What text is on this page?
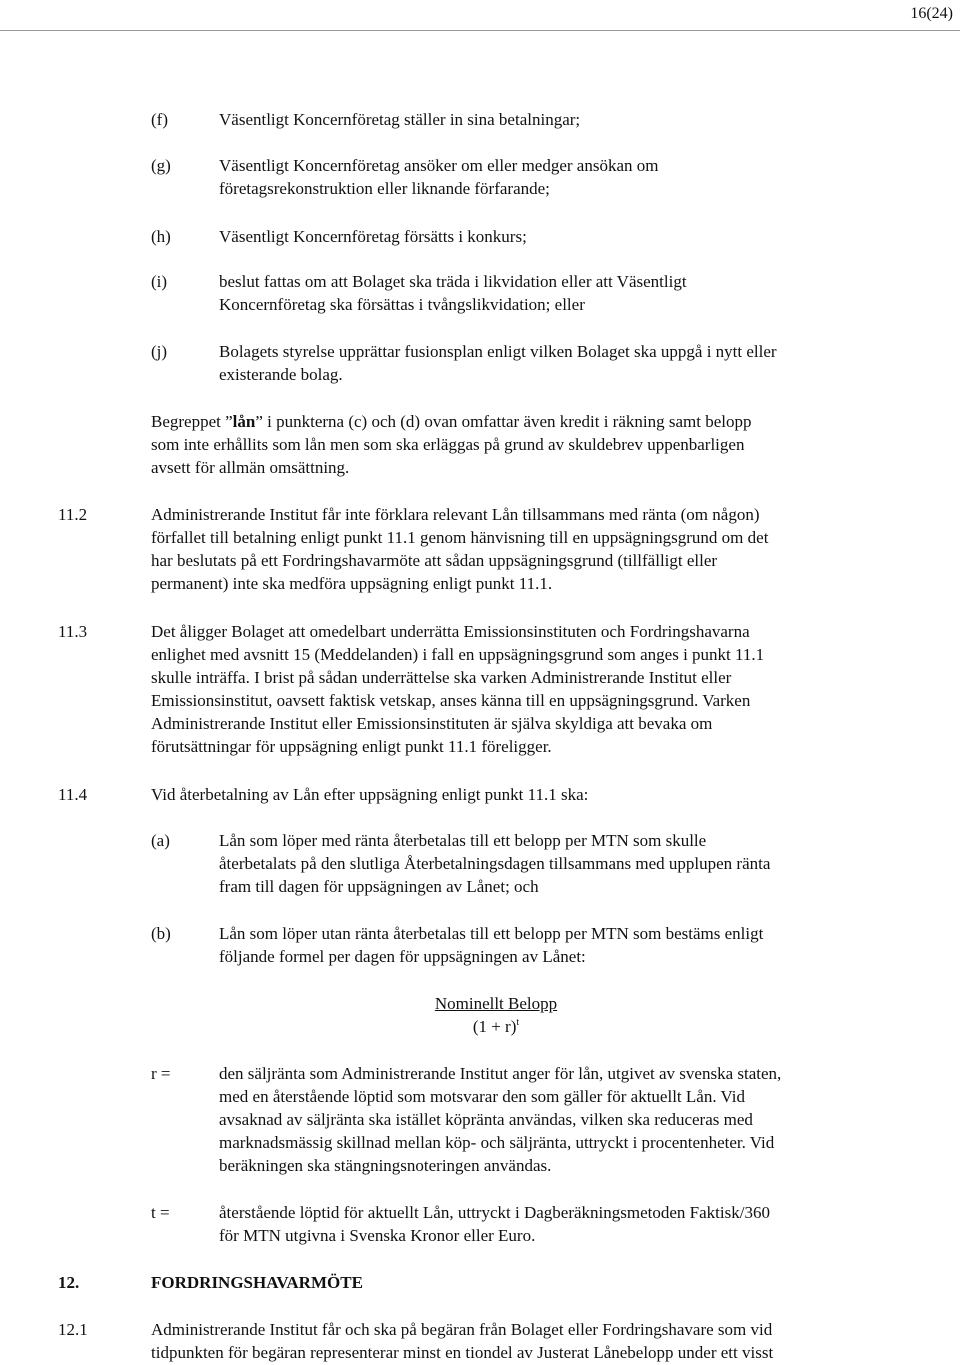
16(24)
(f)	Väsentligt Koncernföretag ställer in sina betalningar;
(g)	Väsentligt Koncernföretag ansöker om eller medger ansökan om
företagsrekonstruktion eller liknande förfarande;
(h)	Väsentligt Koncernföretag försätts i konkurs;
(i)	beslut fattas om att Bolaget ska träda i likvidation eller att Väsentligt
Koncernföretag ska försättas i tvångslikvidation; eller
(j)	Bolagets styrelse upprättar fusionsplan enligt vilken Bolaget ska uppgå i nytt eller
existerande bolag.
Begreppet ”lån” i punkterna (c) och (d) ovan omfattar även kredit i räkning samt belopp
som inte erhållits som lån men som ska erläggas på grund av skuldebrev uppenbarligen
avsett för allmän omsättning.
11.2	Administrerande Institut får inte förklara relevant Lån tillsammans med ränta (om någon)
förfallet till betalning enligt punkt 11.1 genom hänvisning till en uppsägningsgrund om det
har beslutats på ett Fordringshavarmöte att sådan uppsägningsgrund (tillfälligt eller
permanent) inte ska medföra uppsägning enligt punkt 11.1.
11.3	Det åligger Bolaget att omedelbart underrätta Emissionsinstituten och Fordringshavarna
enlighet med avsnitt 15 (Meddelanden) i fall en uppsägningsgrund som anges i punkt 11.1
skulle inträffa. I brist på sådan underrättelse ska varken Administrerande Institut eller
Emissionsinstitut, oavsett faktisk vetskap, anses känna till en uppsägningsgrund. Varken
Administrerande Institut eller Emissionsinstituten är själva skyldiga att bevaka om
förutsättningar för uppsägning enligt punkt 11.1 föreligger.
11.4	Vid återbetalning av Lån efter uppsägning enligt punkt 11.1 ska:
(a)	Lån som löper med ränta återbetalas till ett belopp per MTN som skulle
återbetalats på den slutliga Återbetalningsdagen tillsammans med upplupen ränta
fram till dagen för uppsägningen av Lånet; och
(b)	Lån som löper utan ränta återbetalas till ett belopp per MTN som bestäms enligt
följande formel per dagen för uppsägningen av Lånet:
Nominellt Belopp
$(1 + r)^t$
r =	den säljränta som Administrerande Institut anger för lån, utgivet av svenska staten,
med en återstående löptid som motsvarar den som gäller för aktuellt Lån. Vid
avsaknad av säljränta ska istället köpränta användas, vilken ska reduceras med
marknadsmässig skillnad mellan köp- och säljränta, uttryckt i procentenheter. Vid
beräkningen ska stängningsnoteringen användas.
t =	återstående löptid för aktuellt Lån, uttryckt i Dagberäkningsmetoden Faktisk/360
för MTN utgivna i Svenska Kronor eller Euro.
12.	FORDRINGSHAVARMÖTE
12.1	Administrerande Institut får och ska på begäran från Bolaget eller Fordringshavare som vid
tidpunkten för begäran representerar minst en tiondel av Justerat Lånebelopp under ett visst
